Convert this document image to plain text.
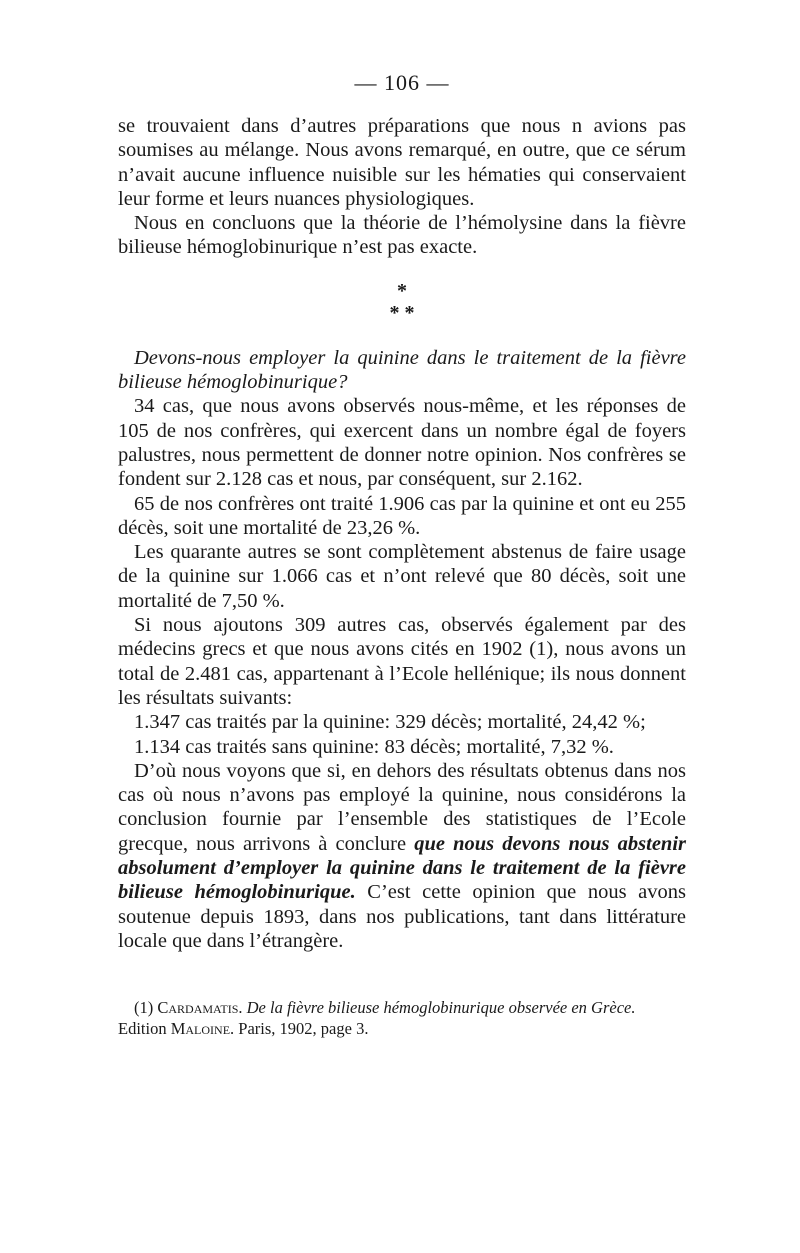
— 106 —

se trouvaient dans d’autres préparations que nous n avions pas soumises au mélange. Nous avons remarqué, en outre, que ce sérum n’avait aucune influence nuisible sur les hématies qui conservaient leur forme et leurs nuances physiologiques.

Nous en concluons que la théorie de l’hémolysine dans la fièvre bilieuse hémoglobinurique n’est pas exacte.

*
* *

Devons-nous employer la quinine dans le traitement de la fièvre bilieuse hémoglobinurique?

34 cas, que nous avons observés nous-même, et les réponses de 105 de nos confrères, qui exercent dans un nombre égal de foyers palustres, nous permettent de donner notre opinion. Nos confrères se fondent sur 2.128 cas et nous, par conséquent, sur 2.162.

65 de nos confrères ont traité 1.906 cas par la quinine et ont eu 255 décès, soit une mortalité de 23,26 %.

Les quarante autres se sont complètement abstenus de faire usage de la quinine sur 1.066 cas et n’ont relevé que 80 décès, soit une mortalité de 7,50 %.

Si nous ajoutons 309 autres cas, observés également par des médecins grecs et que nous avons cités en 1902 (1), nous avons un total de 2.481 cas, appartenant à l’Ecole hellénique; ils nous donnent les résultats suivants:

1.347 cas traités par la quinine: 329 décès; mortalité, 24,42 %;

1.134 cas traités sans quinine: 83 décès; mortalité, 7,32 %.

D’où nous voyons que si, en dehors des résultats obtenus dans nos cas où nous n’avons pas employé la quinine, nous considérons la conclusion fournie par l’ensemble des statistiques de l’Ecole grecque, nous arrivons à conclure que nous devons nous abstenir absolument d’employer la quinine dans le traitement de la fièvre bilieuse hémoglobinurique. C’est cette opinion que nous avons soutenue depuis 1893, dans nos publications, tant dans littérature locale que dans l’étrangère.

(1) Cardamatis. De la fièvre bilieuse hémoglobinurique observée en Grèce.
Edition Maloine. Paris, 1902, page 3.
